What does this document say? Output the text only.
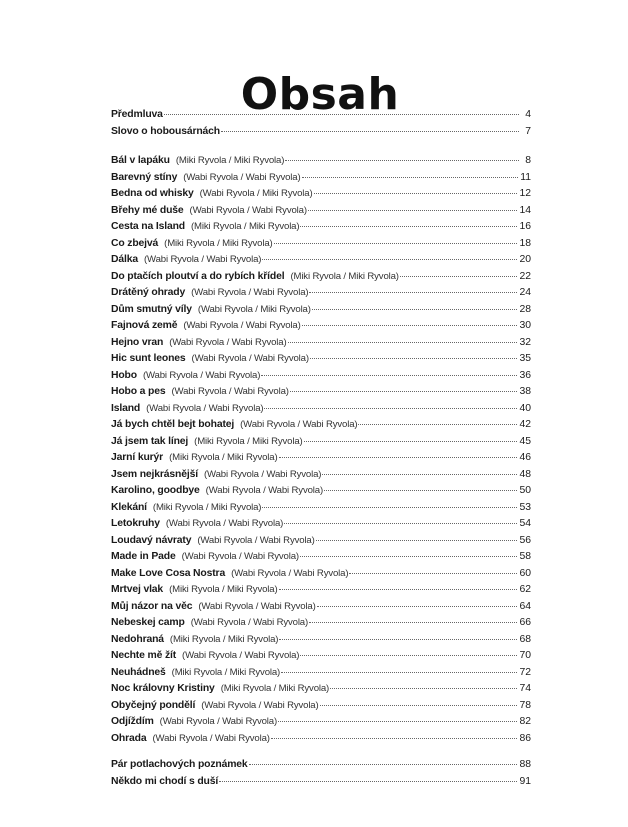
Obsah
Předmluva	4
Slovo o hobousárnách	7
Bál v lapáku (Miki Ryvola / Miki Ryvola)	8
Barevný stíny (Wabi Ryvola / Wabi Ryvola)	11
Bedna od whisky (Wabi Ryvola / Miki Ryvola)	12
Břehy mé duše (Wabi Ryvola / Wabi Ryvola)	14
Cesta na Island (Miki Ryvola / Miki Ryvola)	16
Co zbejvá (Miki Ryvola / Miki Ryvola)	18
Dálka (Wabi Ryvola / Wabi Ryvola)	20
Do ptačích ploutví a do rybích křídel (Miki Ryvola / Miki Ryvola)	22
Drátěný ohrady (Wabi Ryvola / Wabi Ryvola)	24
Dům smutný víly (Wabi Ryvola / Miki Ryvola)	28
Fajnová země (Wabi Ryvola / Wabi Ryvola)	30
Hejno vran (Wabi Ryvola / Wabi Ryvola)	32
Hic sunt leones (Wabi Ryvola / Wabi Ryvola)	35
Hobo (Wabi Ryvola / Wabi Ryvola)	36
Hobo a pes (Wabi Ryvola / Wabi Ryvola)	38
Island (Wabi Ryvola / Wabi Ryvola)	40
Já bych chtěl bejt bohatej (Wabi Ryvola / Wabi Ryvola)	42
Já jsem tak línej (Miki Ryvola / Miki Ryvola)	45
Jarní kurýr (Miki Ryvola / Miki Ryvola)	46
Jsem nejkrásnější (Wabi Ryvola / Wabi Ryvola)	48
Karolino, goodbye (Wabi Ryvola / Wabi Ryvola)	50
Klekání (Miki Ryvola / Miki Ryvola)	53
Letokruhy (Wabi Ryvola / Wabi Ryvola)	54
Loudavý návraty (Wabi Ryvola / Wabi Ryvola)	56
Made in Pade (Wabi Ryvola / Wabi Ryvola)	58
Make Love Cosa Nostra (Wabi Ryvola / Wabi Ryvola)	60
Mrtvej vlak (Miki Ryvola / Miki Ryvola)	62
Můj názor na věc (Wabi Ryvola / Wabi Ryvola)	64
Nebeskej camp (Wabi Ryvola / Wabi Ryvola)	66
Nedohraná (Miki Ryvola / Miki Ryvola)	68
Nechte mě žít (Wabi Ryvola / Wabi Ryvola)	70
Neuhádneš (Miki Ryvola / Miki Ryvola)	72
Noc královny Kristiny (Miki Ryvola / Miki Ryvola)	74
Obyčejný pondělí (Wabi Ryvola / Wabi Ryvola)	78
Odjíždím (Wabi Ryvola / Wabi Ryvola)	82
Ohrada (Wabi Ryvola / Wabi Ryvola)	86
Pár potlachových poznámek	88
Někdo mi chodí s duší	91
